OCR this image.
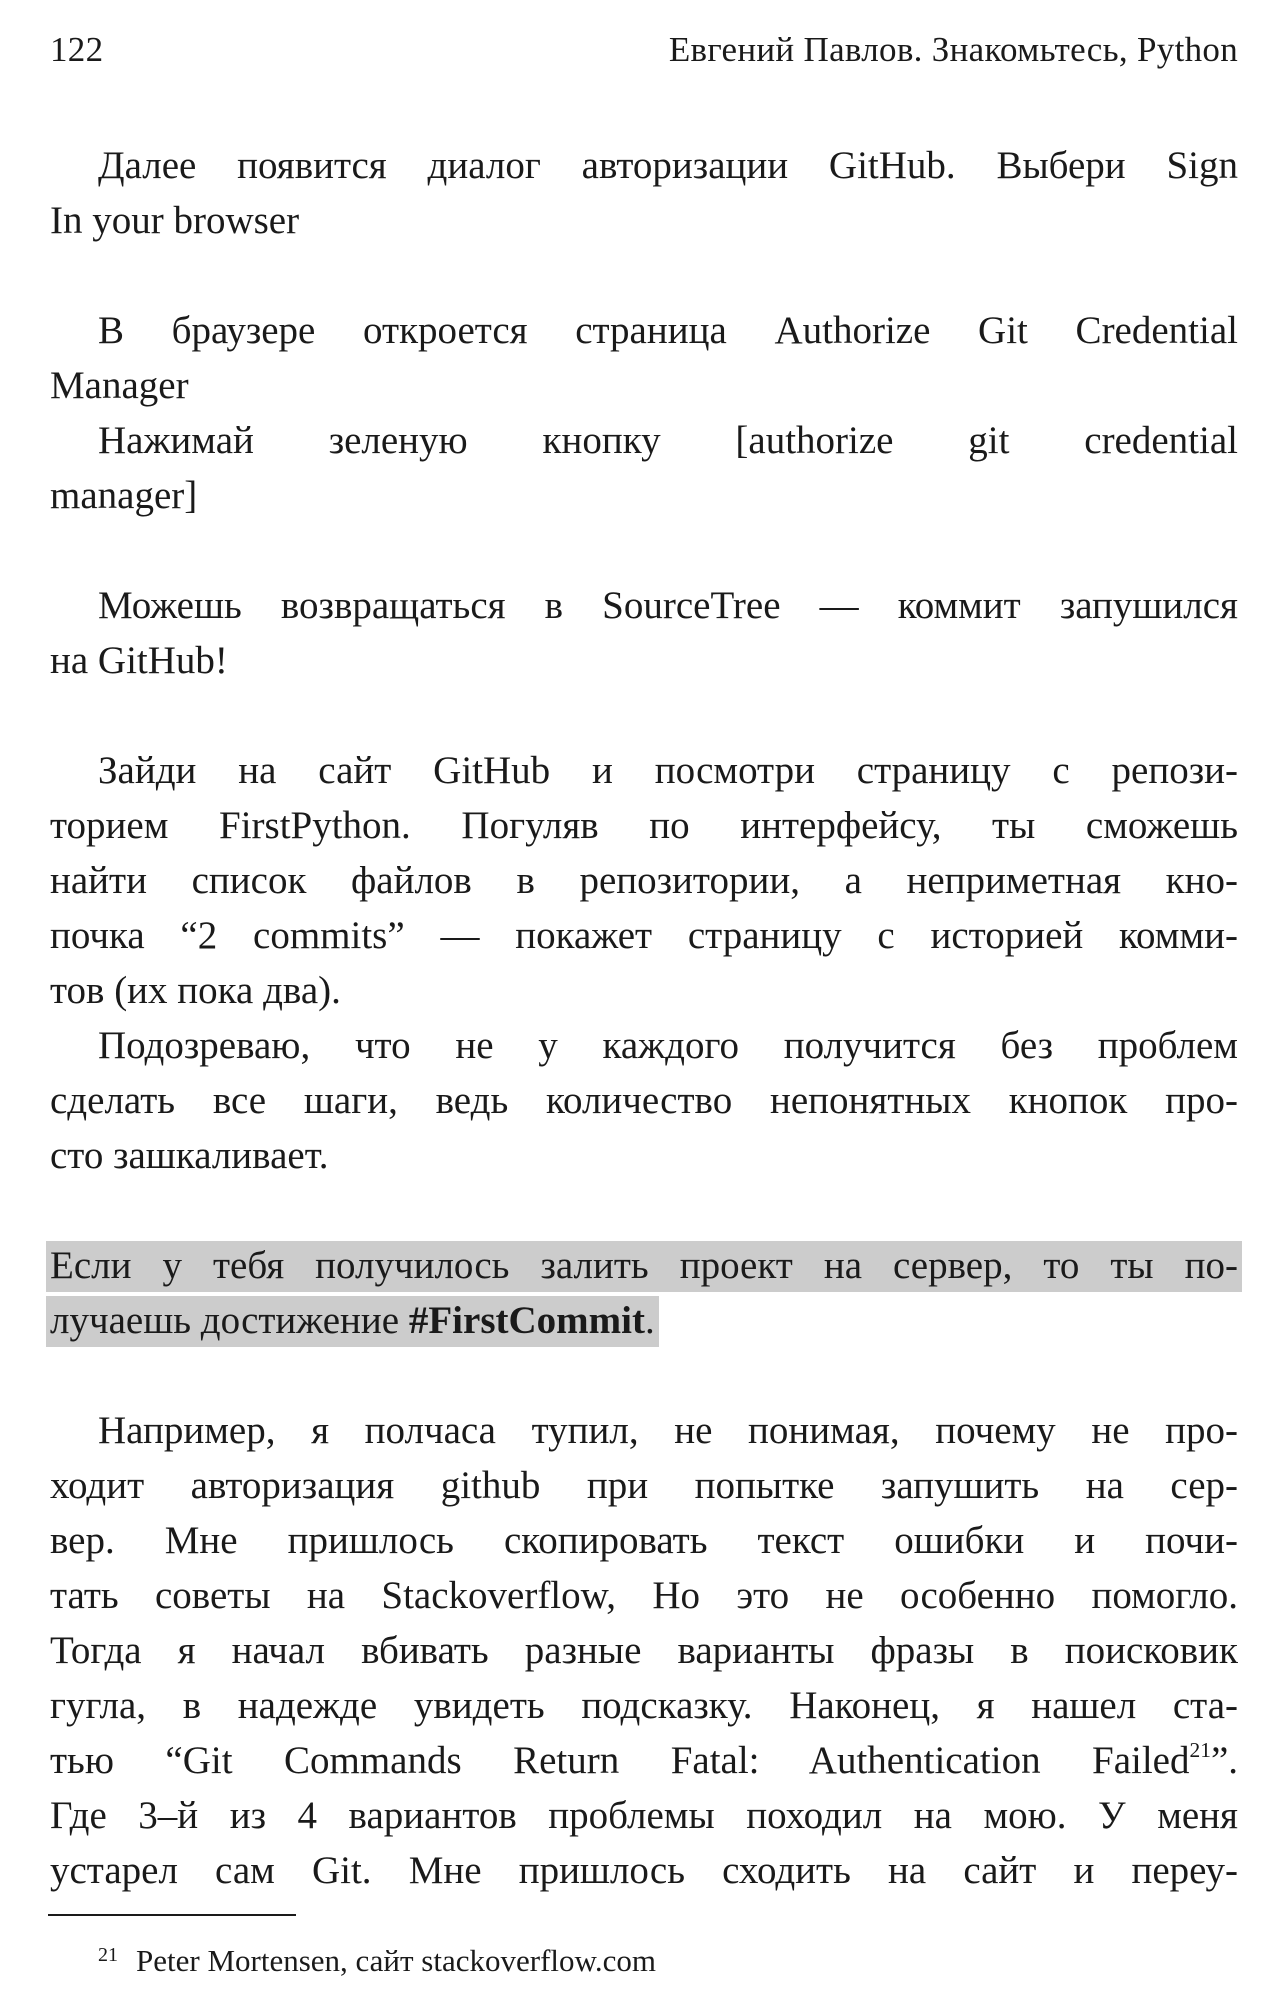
122	Евгений Павлов. Знакомьтесь, Python
Далее появится диалог авторизации GitHub. Выбери Sign
In your browser
В браузере откроется страница Authorize Git Credential
Manager
Нажимай зеленую кнопку [authorize git credential
manager]
Можешь возвращаться в SourceTree — коммит запушился
на GitHub!
Зайди на сайт GitHub и посмотри страницу с репози-
торием FirstPython. Погуляв по интерфейсу, ты сможешь
найти список файлов в репозитории, а неприметная кно-
почка “2 commits” — покажет страницу с историей комми-
тов (их пока два).
Подозреваю, что не у каждого получится без проблем
сделать все шаги, ведь количество непонятных кнопок про-
сто зашкаливает.
Если у тебя получилось залить проект на сервер, то ты по-
лучаешь достижение #FirstCommit.
Например, я полчаса тупил, не понимая, почему не про-
ходит авторизация github при попытке запушить на сер-
вер. Мне пришлось скопировать текст ошибки и почи-
тать советы на Stackoverflow, Но это не особенно помогло.
Тогда я начал вбивать разные варианты фразы в поисковик
гугла, в надежде увидеть подсказку. Наконец, я нашел ста-
тью “Git Commands Return Fatal: Authentication Failed$^{21}$”.
Где 3–й из 4 вариантов проблемы походил на мою. У меня
устарел сам Git. Мне пришлось сходить на сайт и переу-
$^{21}$ Peter Mortensen, сайт stackoverflow.com
